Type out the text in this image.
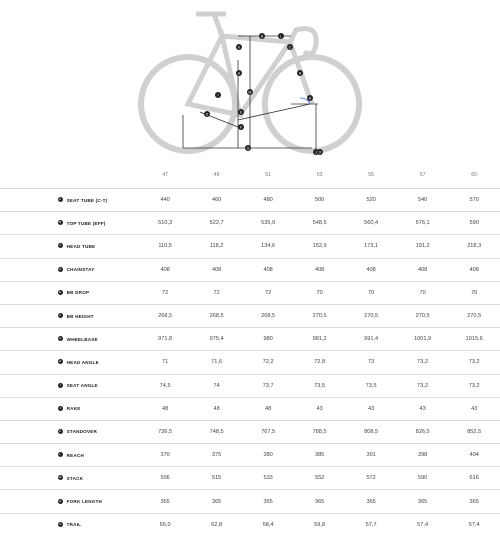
A
B
C
D	E
F
G
H
I
J
K
L
M
N
O
		47	49	51	53	55	57	60
A	SEAT TUBE (C-T)	440	460	480	500	520	540	570
B	TOP TUBE (EFF)	510,3	522,7	535,9	548,5	560,4	576,1	590
C	HEAD TUBE	110,5	118,2	134,6	152,9	173,1	191,2	218,3
D	CHAINSTAY	408	408	408	408	408	408	408
E	BB DROP	72	72	72	70	70	70	70
F	BB HEIGHT	268,5	268,5	268,5	270,5	270,5	270,5	270,5
G	WHEELBASE	971,8	975,4	980	981,2	991,4	1001,9	1015,6
H	HEAD ANGLE	71	71,6	72,2	72,8	73	73,2	73,2
I	SEAT ANGLE	74,5	74	73,7	73,5	73,5	73,2	73,2
J	RAKE	48	48	48	43	43	43	43
K	STANDOVER	736,5	748,5	767,5	788,5	808,5	826,5	852,5
L	REACH	370	375	380	385	391	398	404
M	STACK	506	515	533	552	572	590	616
N	FORK LENGTH	365	365	365	365	365	365	365
O	TRAIL	66,0	62,8	58,4	59,8	57,7	57,4	57,4
